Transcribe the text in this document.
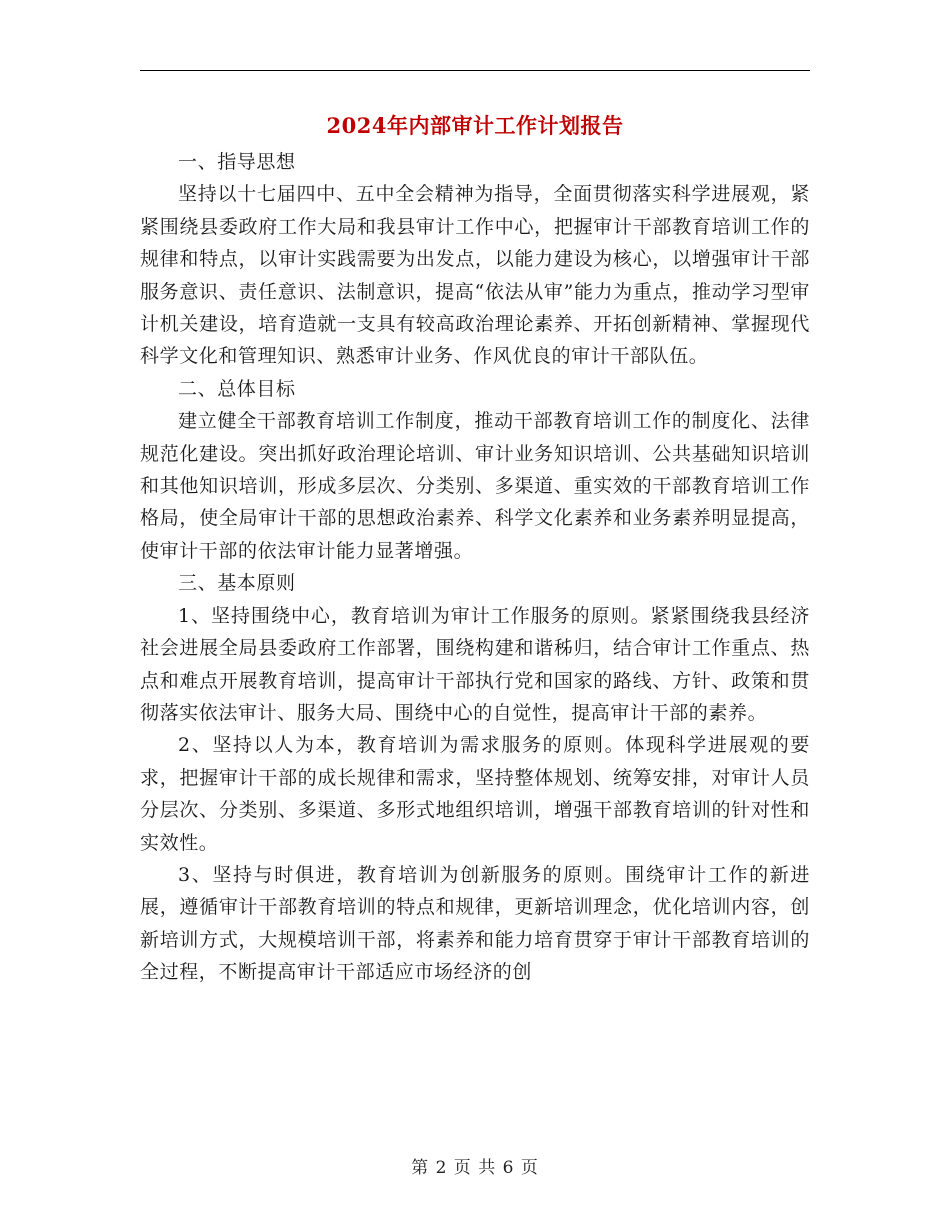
2024年内部审计工作计划报告

一、指导思想

坚持以十七届四中、五中全会精神为指导，全面贯彻落实科学进展观，紧紧围绕县委政府工作大局和我县审计工作中心，把握审计干部教育培训工作的规律和特点，以审计实践需要为出发点，以能力建设为核心，以增强审计干部服务意识、责任意识、法制意识，提高“依法从审”能力为重点，推动学习型审计机关建设，培育造就一支具有较高政治理论素养、开拓创新精神、掌握现代科学文化和管理知识、熟悉审计业务、作风优良的审计干部队伍。

二、总体目标

建立健全干部教育培训工作制度，推动干部教育培训工作的制度化、法律规范化建设。突出抓好政治理论培训、审计业务知识培训、公共基础知识培训和其他知识培训，形成多层次、分类别、多渠道、重实效的干部教育培训工作格局，使全局审计干部的思想政治素养、科学文化素养和业务素养明显提高，使审计干部的依法审计能力显著增强。

三、基本原则

1、坚持围绕中心，教育培训为审计工作服务的原则。紧紧围绕我县经济社会进展全局县委政府工作部署，围绕构建和谐秭归，结合审计工作重点、热点和难点开展教育培训，提高审计干部执行党和国家的路线、方针、政策和贯彻落实依法审计、服务大局、围绕中心的自觉性，提高审计干部的素养。

2、坚持以人为本，教育培训为需求服务的原则。体现科学进展观的要求，把握审计干部的成长规律和需求，坚持整体规划、统筹安排，对审计人员分层次、分类别、多渠道、多形式地组织培训，增强干部教育培训的针对性和实效性。

3、坚持与时俱进，教育培训为创新服务的原则。围绕审计工作的新进展，遵循审计干部教育培训的特点和规律，更新培训理念，优化培训内容，创新培训方式，大规模培训干部，将素养和能力培育贯穿于审计干部教育培训的全过程，不断提高审计干部适应市场经济的创

第 2 页 共 6 页
